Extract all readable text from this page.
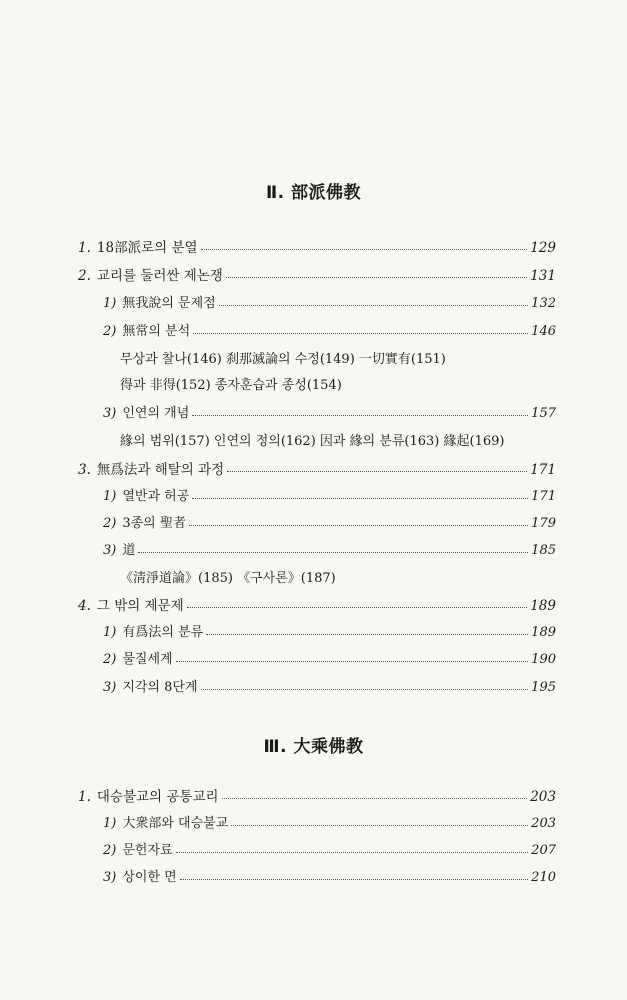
Ⅱ. 部派佛教
1. 18部派로의 분열	129
2. 교리를 둘러싼 제논쟁	131
1) 無我說의 문제점	132
2) 無常의 분석	146
무상과 찰나(146) 刹那滅論의 수정(149) 一切實有(151)
得과 非得(152) 종자훈습과 종성(154)
3) 인연의 개념	157
緣의 범위(157) 인연의 정의(162) 因과 緣의 분류(163) 緣起(169)
3. 無爲法과 해탈의 과정	171
1) 열반과 허공	171
2) 3종의 聖者	179
3) 道	185
《淸淨道論》(185) 《구사론》(187)
4. 그 밖의 제문제	189
1) 有爲法의 분류	189
2) 물질세계	190
3) 지각의 8단계	195
Ⅲ. 大乘佛教
1. 대승불교의 공통교리	203
1) 大衆部와 대승불교	203
2) 문헌자료	207
3) 상이한 면	210
